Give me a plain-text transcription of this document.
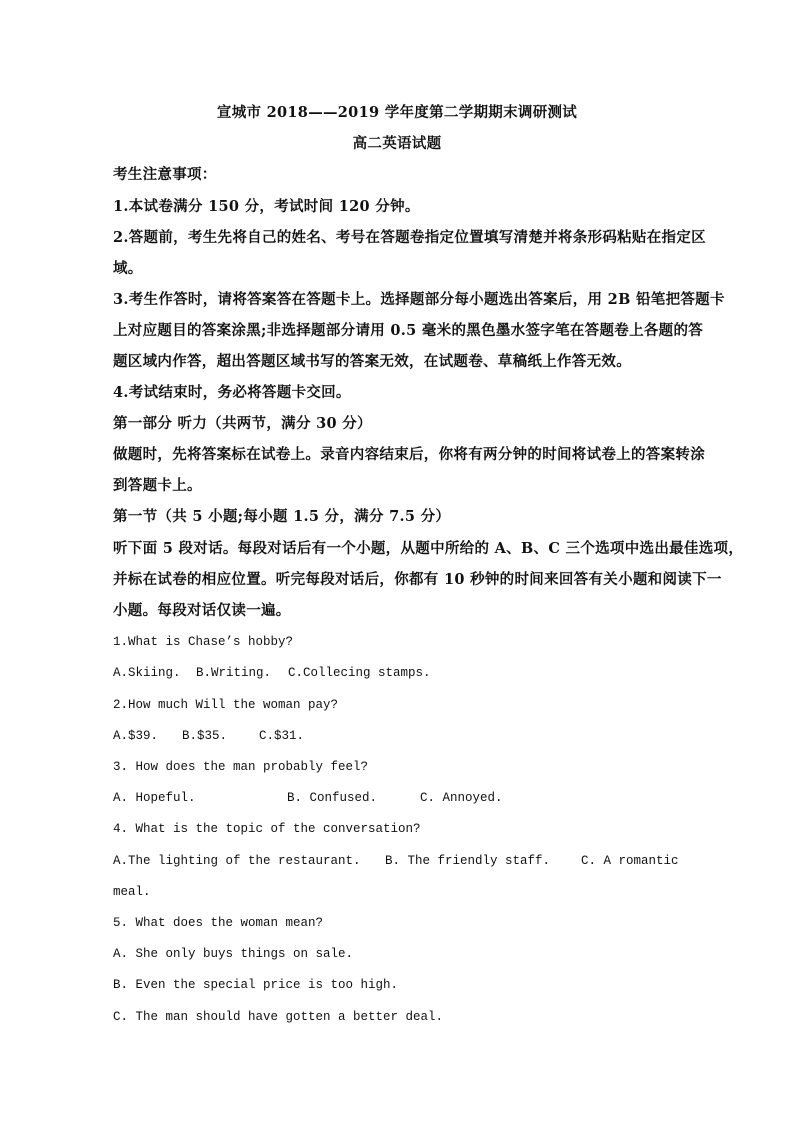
宣城市 2018——2019 学年度第二学期期末调研测试
高二英语试题
考生注意事项：
1.本试卷满分 150 分，考试时间 120 分钟。
2.答题前，考生先将自己的姓名、考号在答题卷指定位置填写清楚并将条形码粘贴在指定区
域。
3.考生作答时，请将答案答在答题卡上。选择题部分每小题选出答案后，用 2B 铅笔把答题卡
上对应题目的答案涂黑;非选择题部分请用 0.5 毫米的黑色墨水签字笔在答题卷上各题的答
题区域内作答，超出答题区域书写的答案无效，在试题卷、草稿纸上作答无效。
4.考试结束时，务必将答题卡交回。
第一部分 听力（共两节，满分 30 分）
做题时，先将答案标在试卷上。录音内容结束后，你将有两分钟的时间将试卷上的答案转涂
到答题卡上。
第一节（共 5 小题;每小题 1.5 分，满分 7.5 分）
听下面 5 段对话。每段对话后有一个小题，从题中所给的 A、B、C 三个选项中选出最佳选项，
并标在试卷的相应位置。听完每段对话后，你都有 10 秒钟的时间来回答有关小题和阅读下一
小题。每段对话仅读一遍。
1.What is Chase’s hobby?
A.Skiing. B.Writing. C.Collecing stamps.
2.How much Will the woman pay?
A.$39. B.$35.	C.$31.
3. How does the man probably feel?
A. Hopeful.	B. Confused.	C. Annoyed.
4. What is the topic of the conversation?
A.The lighting of the restaurant. B. The friendly staff. C. A romantic
meal.
5. What does the woman mean?
A. She only buys things on sale.
B. Even the special price is too high.
C. The man should have gotten a better deal.
